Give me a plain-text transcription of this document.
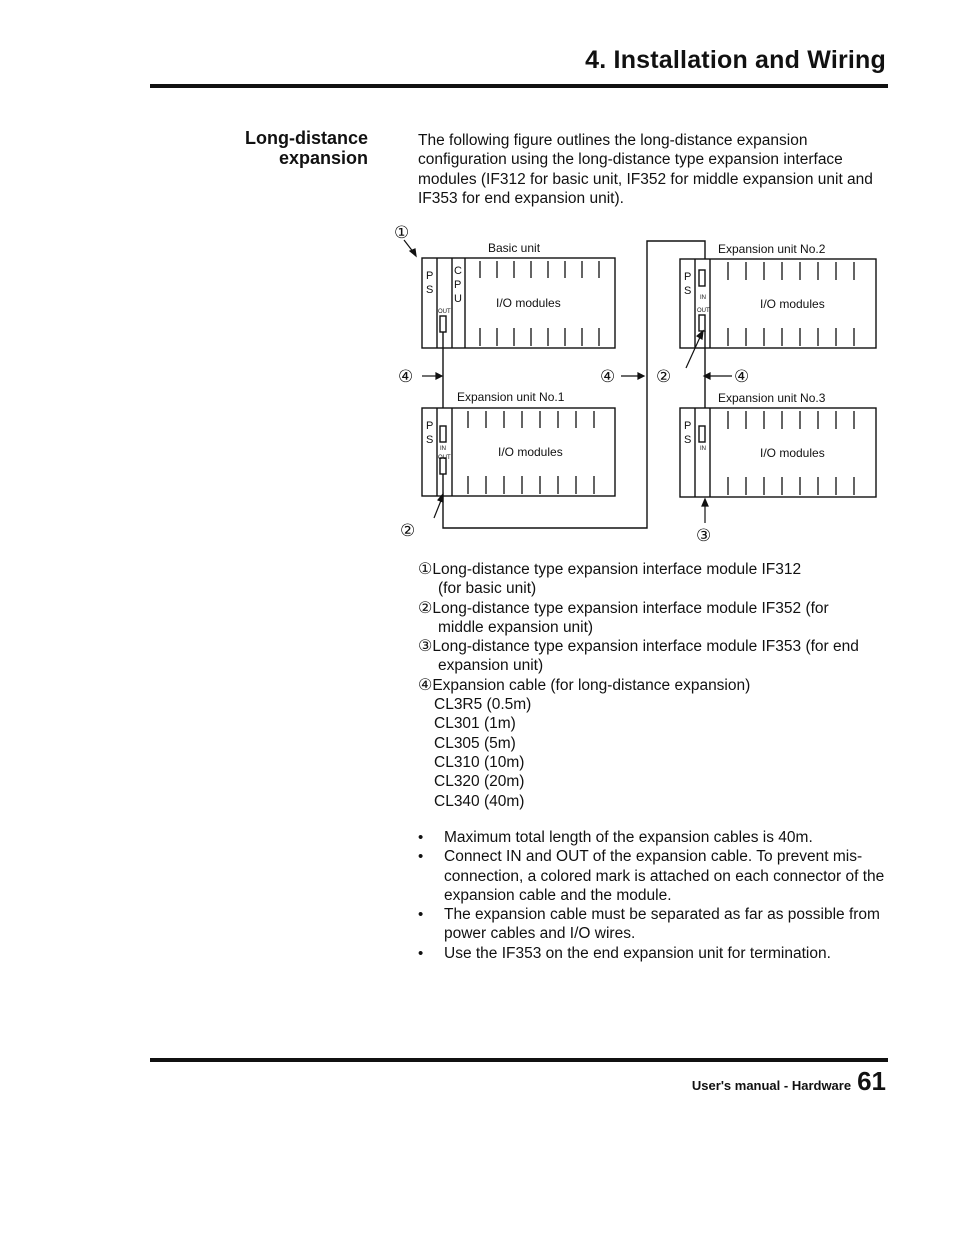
4. Installation and Wiring
Long-distance
expansion
The following figure outlines the long-distance expansion configuration using the long-distance type expansion interface modules (IF312 for basic unit, IF352 for middle expansion unit and IF353 for end expansion unit).
Basic unit
Expansion unit No.1
Expansion unit No.2
Expansion unit No.3
I/O modules
I/O modules
I/O modules
I/O modules
P
S
C
P
U
P
S
P
S
P
S
OUT
IN
OUT
IN
OUT
IN
①
④	④ ②	④
②	③
①Long-distance type expansion interface module IF312
(for basic unit)
②Long-distance type expansion interface module IF352 (for
middle expansion unit)
③Long-distance type expansion interface module IF353 (for end
expansion unit)
④Expansion cable (for long-distance expansion)
CL3R5 (0.5m)
CL301 (1m)
CL305 (5m)
CL310 (10m)
CL320 (20m)
CL340 (40m)
• Maximum total length of the expansion cables is 40m.
• Connect IN and OUT of the expansion cable. To prevent mis-connection, a colored mark is attached on each connector of the expansion cable and the module.
• The expansion cable must be separated as far as possible from power cables and I/O wires.
• Use the IF353 on the end expansion unit for termination.
User's manual - Hardware 61
